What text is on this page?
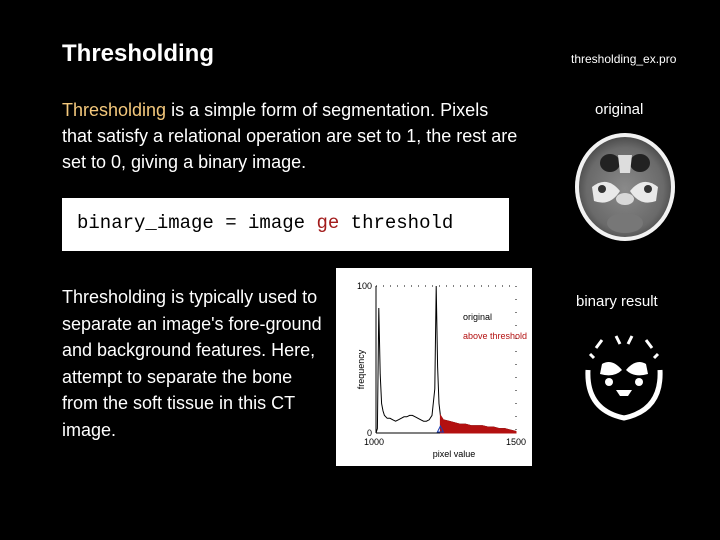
Thresholding	thresholding_ex.pro
Thresholding is a simple form of segmentation. Pixels that satisfy a relational operation are set to 1, the rest are set to 0, giving a binary image.
binary_image = image ge threshold
Thresholding is typically used to separate an image's fore-ground and background features. Here, attempt to separate the bone from the soft tissue in this CT image.
original
binary result
1000	1500
0
100
pixel value
frequency
original
above threshold
